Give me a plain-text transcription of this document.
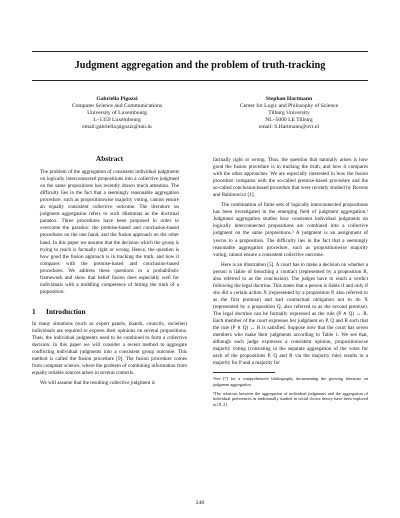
Judgment aggregation and the problem of truth-tracking
Gabriella Pigozzi
Computer Science and Communications
University of Luxembourg
L–1359 Luxembourg
email:gabriella.pigozzi@uni.lu
Stephan Hartmann
Center for Logic and Philosophy of Science
Tilburg University
NL–5000 LE Tilburg
email: S.Hartmann@uvt.nl
Abstract

The problem of the aggregation of consistent individual judgments on logically interconnected propositions into a collective judgment on the same propositions has recently drawn much attention. The difficulty lies in the fact that a seemingly reasonable aggregation procedure, such as propositionwise majority voting, cannot ensure an equally consistent collective outcome. The literature on judgment aggregation refers to such dilemmas as the doctrinal paradox. Three procedures have been proposed in order to overcome the paradox: the premise-based and conclusion-based procedures on the one hand, and the fusion approach on the other hand. In this paper we assume that the decision which the group is trying to reach is factually right or wrong. Hence, the question is how good the fusion approach is in tracking the truth, and how it compares with the premise-based and conclusion-based procedures. We address these questions in a probabilistic framework and show that belief fusion does especially well for individuals with a middling competence of hitting the truth of a proposition.

1 Introduction

In many situations (such as expert panels, boards, councils, societies) individuals are required to express their opinions on several propositions. Then, the individual judgments need to be combined to form a collective decision. In this paper we will consider a recent method to aggregate conflicting individual judgments into a consistent group outcome. This method is called the fusion procedure [9]. The fusion procedure comes from computer science, where the problem of combining information from equally reliable sources arises in several contexts.

We will assume that the resulting collective judgment is

factually right or wrong. Thus, the question that naturally arises is how good the fusion procedure is in tracking the truth, and how it compares with the other approaches. We are especially interested in how the fusion procedure compares with the so-called premise-based procedure and the so-called conclusion-based procedure that were recently studied by Bovens and Rabinowicz [1].

The combination of finite sets of logically interconnected propositions has been investigated in the emerging field of judgment aggregation.¹ Judgment aggregation studies how consistent individual judgments on logically interconnected propositions are combined into a collective judgment on the same propositions.² A judgment is an assignment of yes/no to a proposition. The difficulty lies in the fact that a seemingly reasonable aggregation procedure, such as propositionwise majority voting, cannot ensure a consistent collective outcome.

Here is an illustration [5]. A court has to make a decision on whether a person is liable of breaching a contract (represented by a proposition R, also referred to as the conclusion). The judges have to reach a verdict following the legal doctrine. This states that a person is liable if and only if she did a certain action X (represented by a proposition P, also referred to as the first premise) and had contractual obligation not to do X (represented by a proposition Q, also referred to as the second premise). The legal doctrine can be formally expressed as the rule (P ∧ Q) ↔ R. Each member of the court expresses her judgment on P, Q and R such that the rule (P ∧ Q) ↔ R is satisfied. Suppose now that the court has seven members who make their judgments according to Table 1. We see that, although each judge expresses a consistent opinion, propositionwise majority voting (consisting in the separate aggregation of the votes for each of the propositions P, Q and R via the majority rule) results in a majority for P and a majority for

¹See [7] for a comprehensive bibliography documenting the growing literature on judgment aggregation.

²The relations between the aggregation of individual judgments and the aggregation of individual preferences as traditionally studied in social choice theory have been explored in [8, 2].

248
